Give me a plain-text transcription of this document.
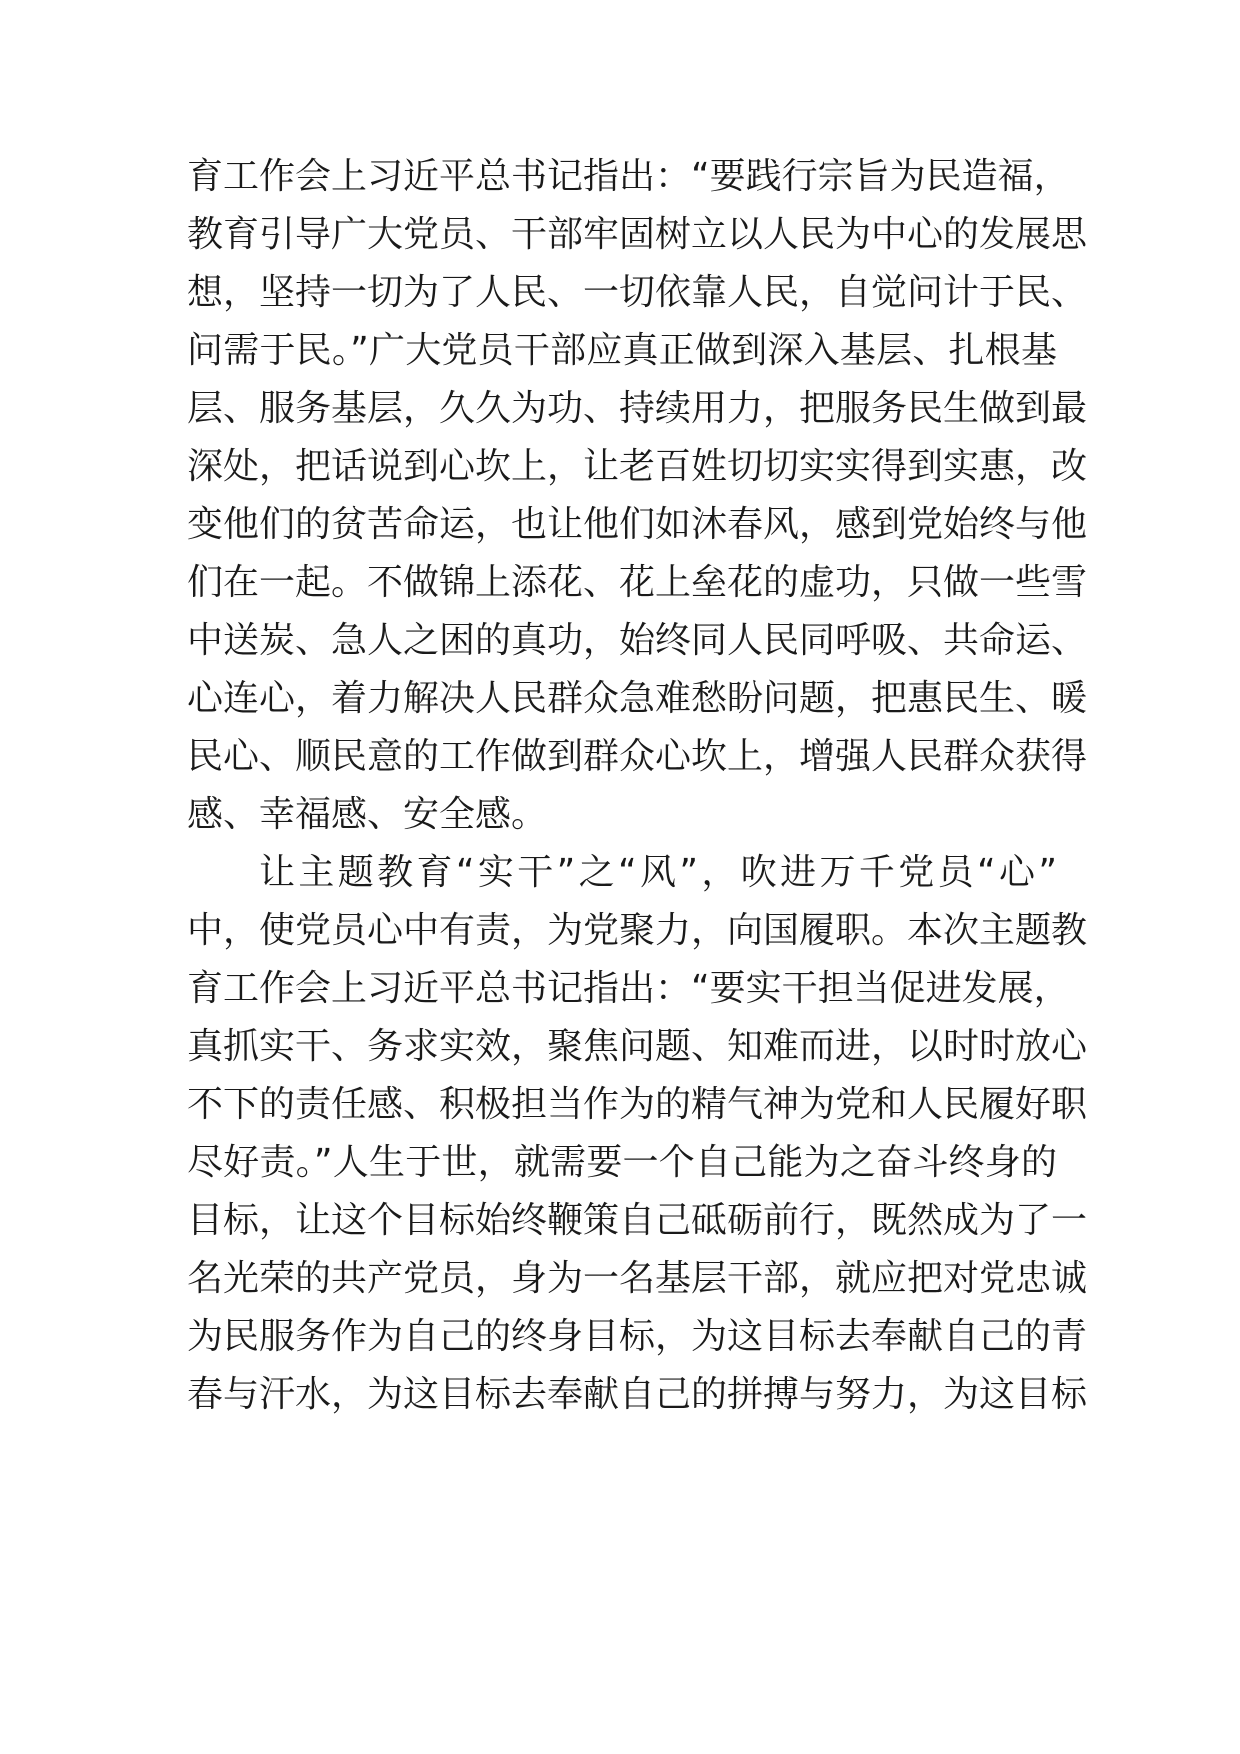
育工作会上习近平总书记指出：“要践行宗旨为民造福，
教育引导广大党员、干部牢固树立以人民为中心的发展思
想，坚持一切为了人民、一切依靠人民，自觉问计于民、
问需于民。”广大党员干部应真正做到深入基层、扎根基
层、服务基层，久久为功、持续用力，把服务民生做到最
深处，把话说到心坎上，让老百姓切切实实得到实惠，改
变他们的贫苦命运，也让他们如沐春风，感到党始终与他
们在一起。不做锦上添花、花上垒花的虚功，只做一些雪
中送炭、急人之困的真功，始终同人民同呼吸、共命运、
心连心，着力解决人民群众急难愁盼问题，把惠民生、暖
民心、顺民意的工作做到群众心坎上，增强人民群众获得
感、幸福感、安全感。
让主题教育“实干”之“风”，吹进万千党员“心”
中，使党员心中有责，为党聚力，向国履职。本次主题教
育工作会上习近平总书记指出：“要实干担当促进发展，
真抓实干、务求实效，聚焦问题、知难而进，以时时放心
不下的责任感、积极担当作为的精气神为党和人民履好职
尽好责。”人生于世，就需要一个自己能为之奋斗终身的
目标，让这个目标始终鞭策自己砥砺前行，既然成为了一
名光荣的共产党员，身为一名基层干部，就应把对党忠诚
为民服务作为自己的终身目标，为这目标去奉献自己的青
春与汗水，为这目标去奉献自己的拼搏与努力，为这目标
